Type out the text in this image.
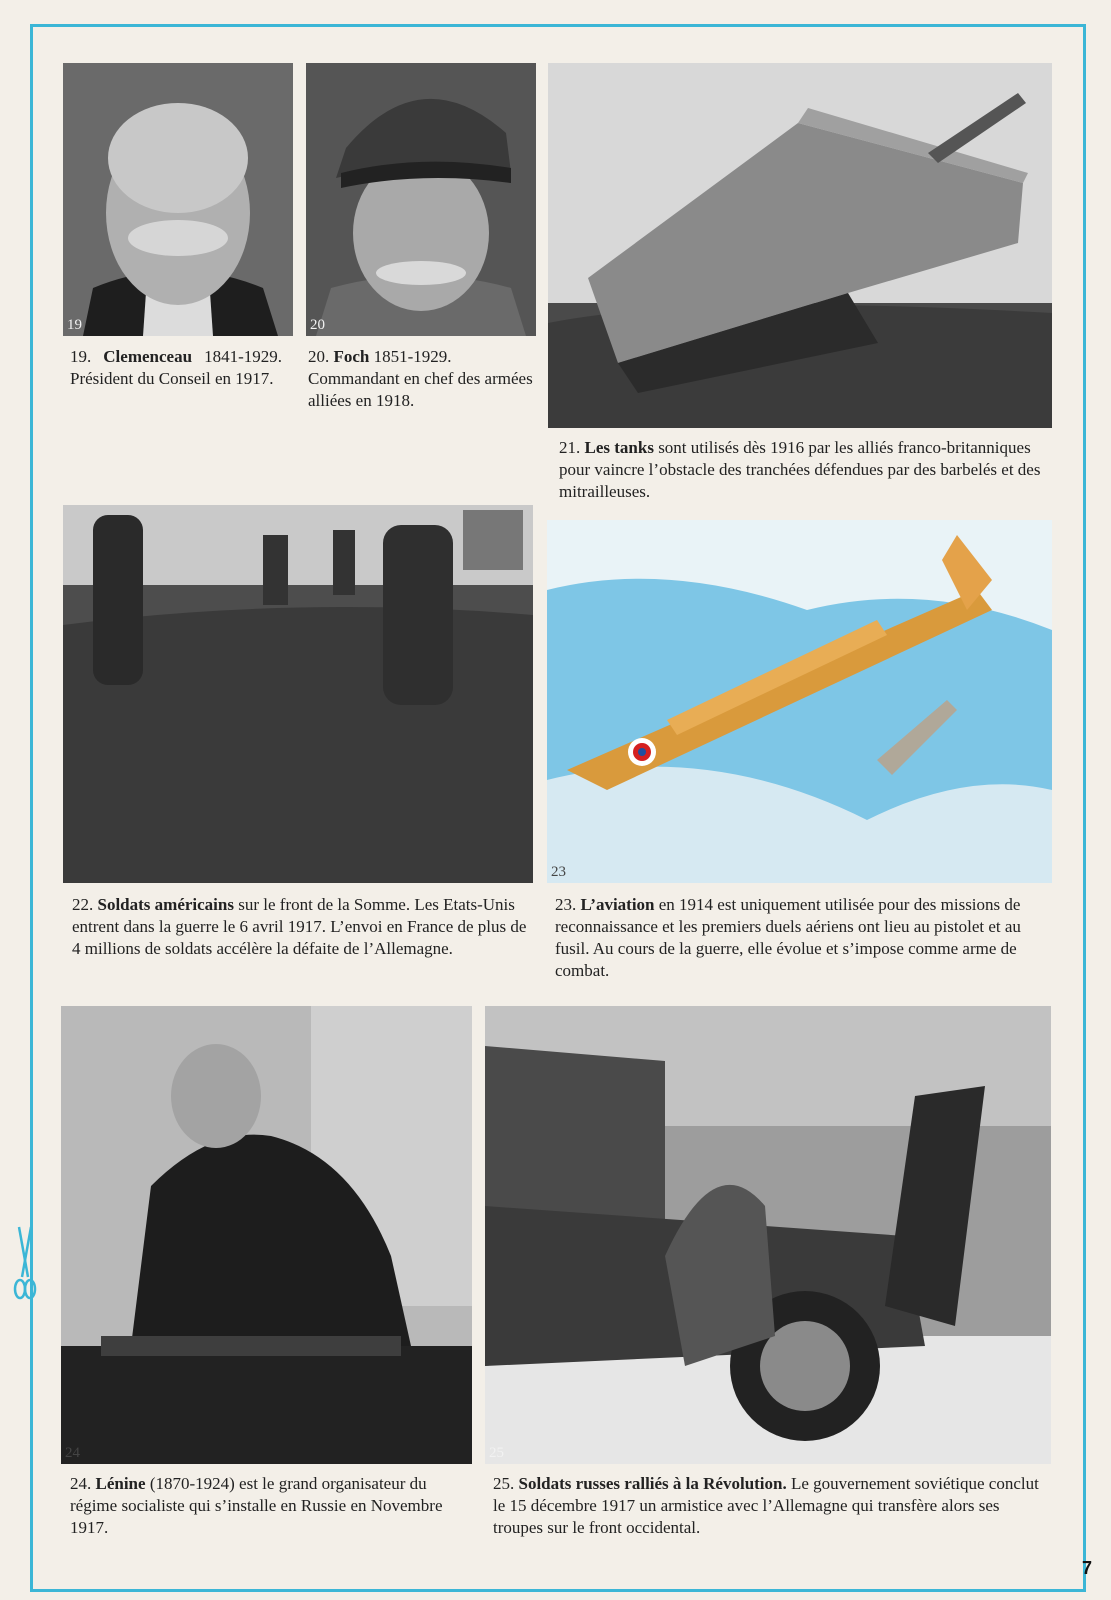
19	20
23
24	25
19. Clemenceau 1841-1929. Président du Conseil en 1917.
20. Foch 1851-1929. Commandant en chef des armées alliées en 1918.
21. Les tanks sont utilisés dès 1916 par les alliés franco-britanniques pour vaincre l’obstacle des tranchées défendues par des barbelés et des mitrailleuses.
22. Soldats américains sur le front de la Somme. Les Etats-Unis entrent dans la guerre le 6 avril 1917. L’envoi en France de plus de 4 millions de soldats accélère la défaite de l’Allemagne.
23. L’aviation en 1914 est uniquement utilisée pour des missions de reconnaissance et les premiers duels aériens ont lieu au pistolet et au fusil. Au cours de la guerre, elle évolue et s’impose comme arme de combat.
24. Lénine (1870-1924) est le grand organisateur du régime socialiste qui s’installe en Russie en Novembre 1917.
25. Soldats russes ralliés à la Révolution. Le gouvernement soviétique conclut le 15 décembre 1917 un armistice avec l’Allemagne qui transfère alors ses troupes sur le front occidental.
7
